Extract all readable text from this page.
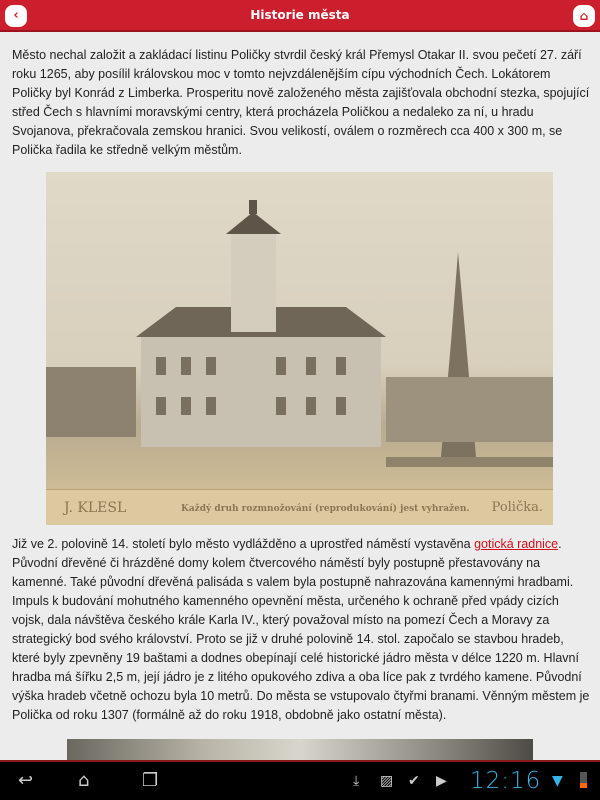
‹	Historie města	⌂

Město nechal založit a zakládací listinu Poličky stvrdil český král Přemysl Otakar II. svou pečetí 27. září roku 1265, aby posílil královskou moc v tomto nejvzdálenějším cípu východních Čech. Lokátorem Poličky byl Konrád z Limberka. Prosperitu nově založeného města zajišťovala obchodní stezka, spojující střed Čech s hlavními moravskými centry, která procházela Poličkou a nedaleko za ní, u hradu Svojanova, překračovala zemskou hranici. Svou velikostí, oválem o rozměrech cca 400 x 300 m, se Polička řadila ke středně velkým městům.

J. KLESL	Každý druh rozmnožování (reprodukování) jest vyhražen. Polička.

Již ve 2. polovině 14. století bylo město vydlážděno a uprostřed náměstí vystavěna gotická radnice. Původní dřevěné či hrázděné domy kolem čtvercového náměstí byly postupně přestavovány na kamenné. Také původní dřevěná palisáda s valem byla postupně nahrazována kamennými hradbami. Impuls k budování mohutného kamenného opevnění města, určeného k ochraně před vpády cizích vojsk, dala návštěva českého krále Karla IV., který považoval místo na pomezí Čech a Moravy za strategický bod svého království. Proto se již v druhé polovině 14. stol. započalo se stavbou hradeb, které byly zpevněny 19 baštami a dodnes obepínají celé historické jádro města v délce 1220 m. Hlavní hradba má šířku 2,5 m, její jádro je z litého opukového zdiva a oba líce pak z tvrdého kamene. Původní výška hradeb včetně ochozu byla 10 metrů. Do města se vstupovalo čtyřmi branami. Věnným městem je Polička od roku 1307 (formálně až do roku 1918, obdobně jako ostatní města).

↩ ⌂	❐	⤓ ▨ ✔ ▶ 12:16 ▼
